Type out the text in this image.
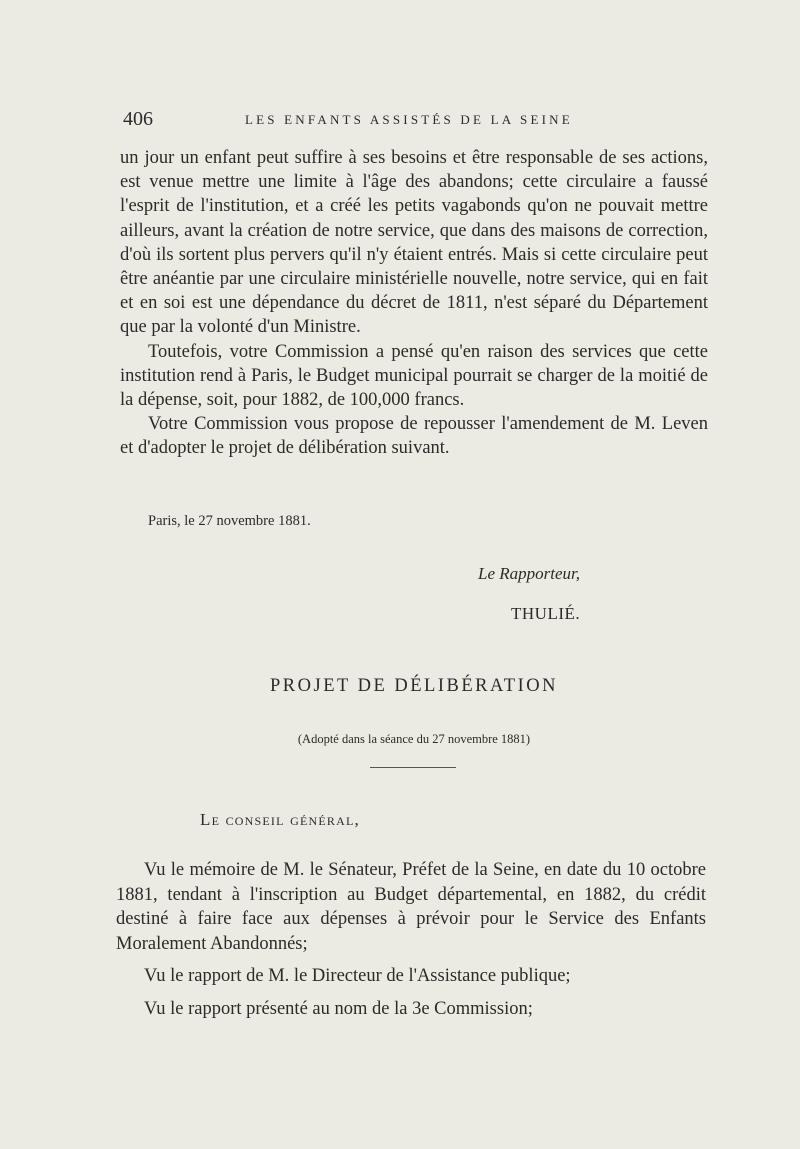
406	LES ENFANTS ASSISTÉS DE LA SEINE

un jour un enfant peut suffire à ses besoins et être responsable de ses actions, est venue mettre une limite à l'âge des abandons; cette circulaire a faussé l'esprit de l'institution, et a créé les petits vagabonds qu'on ne pouvait mettre ailleurs, avant la création de notre service, que dans des maisons de correction, d'où ils sortent plus pervers qu'il n'y étaient entrés. Mais si cette circulaire peut être anéantie par une circulaire ministérielle nouvelle, notre service, qui en fait et en soi est une dépendance du décret de 1811, n'est séparé du Département que par la volonté d'un Ministre.

Toutefois, votre Commission a pensé qu'en raison des services que cette institution rend à Paris, le Budget municipal pourrait se charger de la moitié de la dépense, soit, pour 1882, de 100,000 francs.

Votre Commission vous propose de repousser l'amendement de M. Leven et d'adopter le projet de délibération suivant.

Paris, le 27 novembre 1881.
Le Rapporteur,
THULIÉ.
PROJET DE DÉLIBÉRATION
(Adopté dans la séance du 27 novembre 1881)
Le conseil général,

Vu le mémoire de M. le Sénateur, Préfet de la Seine, en date du 10 octobre 1881, tendant à l'inscription au Budget départemental, en 1882, du crédit destiné à faire face aux dépenses à prévoir pour le Service des Enfants Moralement Abandonnés;

Vu le rapport de M. le Directeur de l'Assistance publique;

Vu le rapport présenté au nom de la 3e Commission;
